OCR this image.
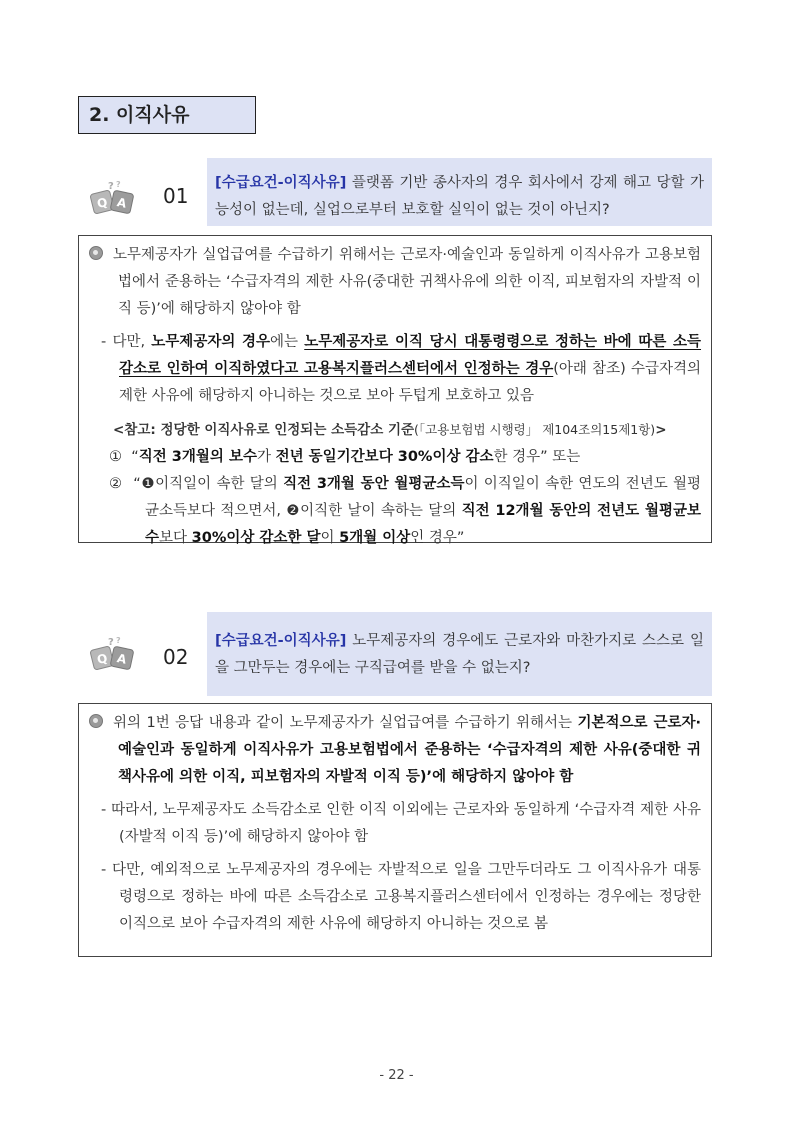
2. 이직사유
Q A
? ? 01
[수급요건-이직사유] 플랫폼 기반 종사자의 경우 회사에서 강제 해고 당할 가능성이 없는데, 실업으로부터 보호할 실익이 없는 것이 아닌지?
노무제공자가 실업급여를 수급하기 위해서는 근로자·예술인과 동일하게 이직사유가 고용보험법에서 준용하는 ‘수급자격의 제한 사유(중대한 귀책사유에 의한 이직, 피보험자의 자발적 이직 등)’에 해당하지 않아야 함
- 다만, 노무제공자의 경우에는 노무제공자로 이직 당시 대통령령으로 정하는 바에 따른 소득 감소로 인하여 이직하였다고 고용복지플러스센터에서 인정하는 경우(아래 참조) 수급자격의 제한 사유에 해당하지 아니하는 것으로 보아 두텁게 보호하고 있음
<참고: 정당한 이직사유로 인정되는 소득감소 기준(「고용보험법 시행령」 제104조의15제1항)>
① “직전 3개월의 보수가 전년 동일기간보다 30%이상 감소한 경우” 또는
② “❶이직일이 속한 달의 직전 3개월 동안 월평균소득이 이직일이 속한 연도의 전년도 월평균소득보다 적으면서, ❷이직한 날이 속하는 달의 직전 12개월 동안의 전년도 월평균보수보다 30%이상 감소한 달이 5개월 이상인 경우”
Q A
? ?
02
[수급요건-이직사유] 노무제공자의 경우에도 근로자와 마찬가지로 스스로 일을 그만두는 경우에는 구직급여를 받을 수 없는지?
위의 1번 응답 내용과 같이 노무제공자가 실업급여를 수급하기 위해서는 기본적으로 근로자·예술인과 동일하게 이직사유가 고용보험법에서 준용하는 ‘수급자격의 제한 사유(중대한 귀책사유에 의한 이직, 피보험자의 자발적 이직 등)’에 해당하지 않아야 함
- 따라서, 노무제공자도 소득감소로 인한 이직 이외에는 근로자와 동일하게 ‘수급자격 제한 사유(자발적 이직 등)’에 해당하지 않아야 함
- 다만, 예외적으로 노무제공자의 경우에는 자발적으로 일을 그만두더라도 그 이직사유가 대통령령으로 정하는 바에 따른 소득감소로 고용복지플러스센터에서 인정하는 경우에는 정당한 이직으로 보아 수급자격의 제한 사유에 해당하지 아니하는 것으로 봄
- 22 -
